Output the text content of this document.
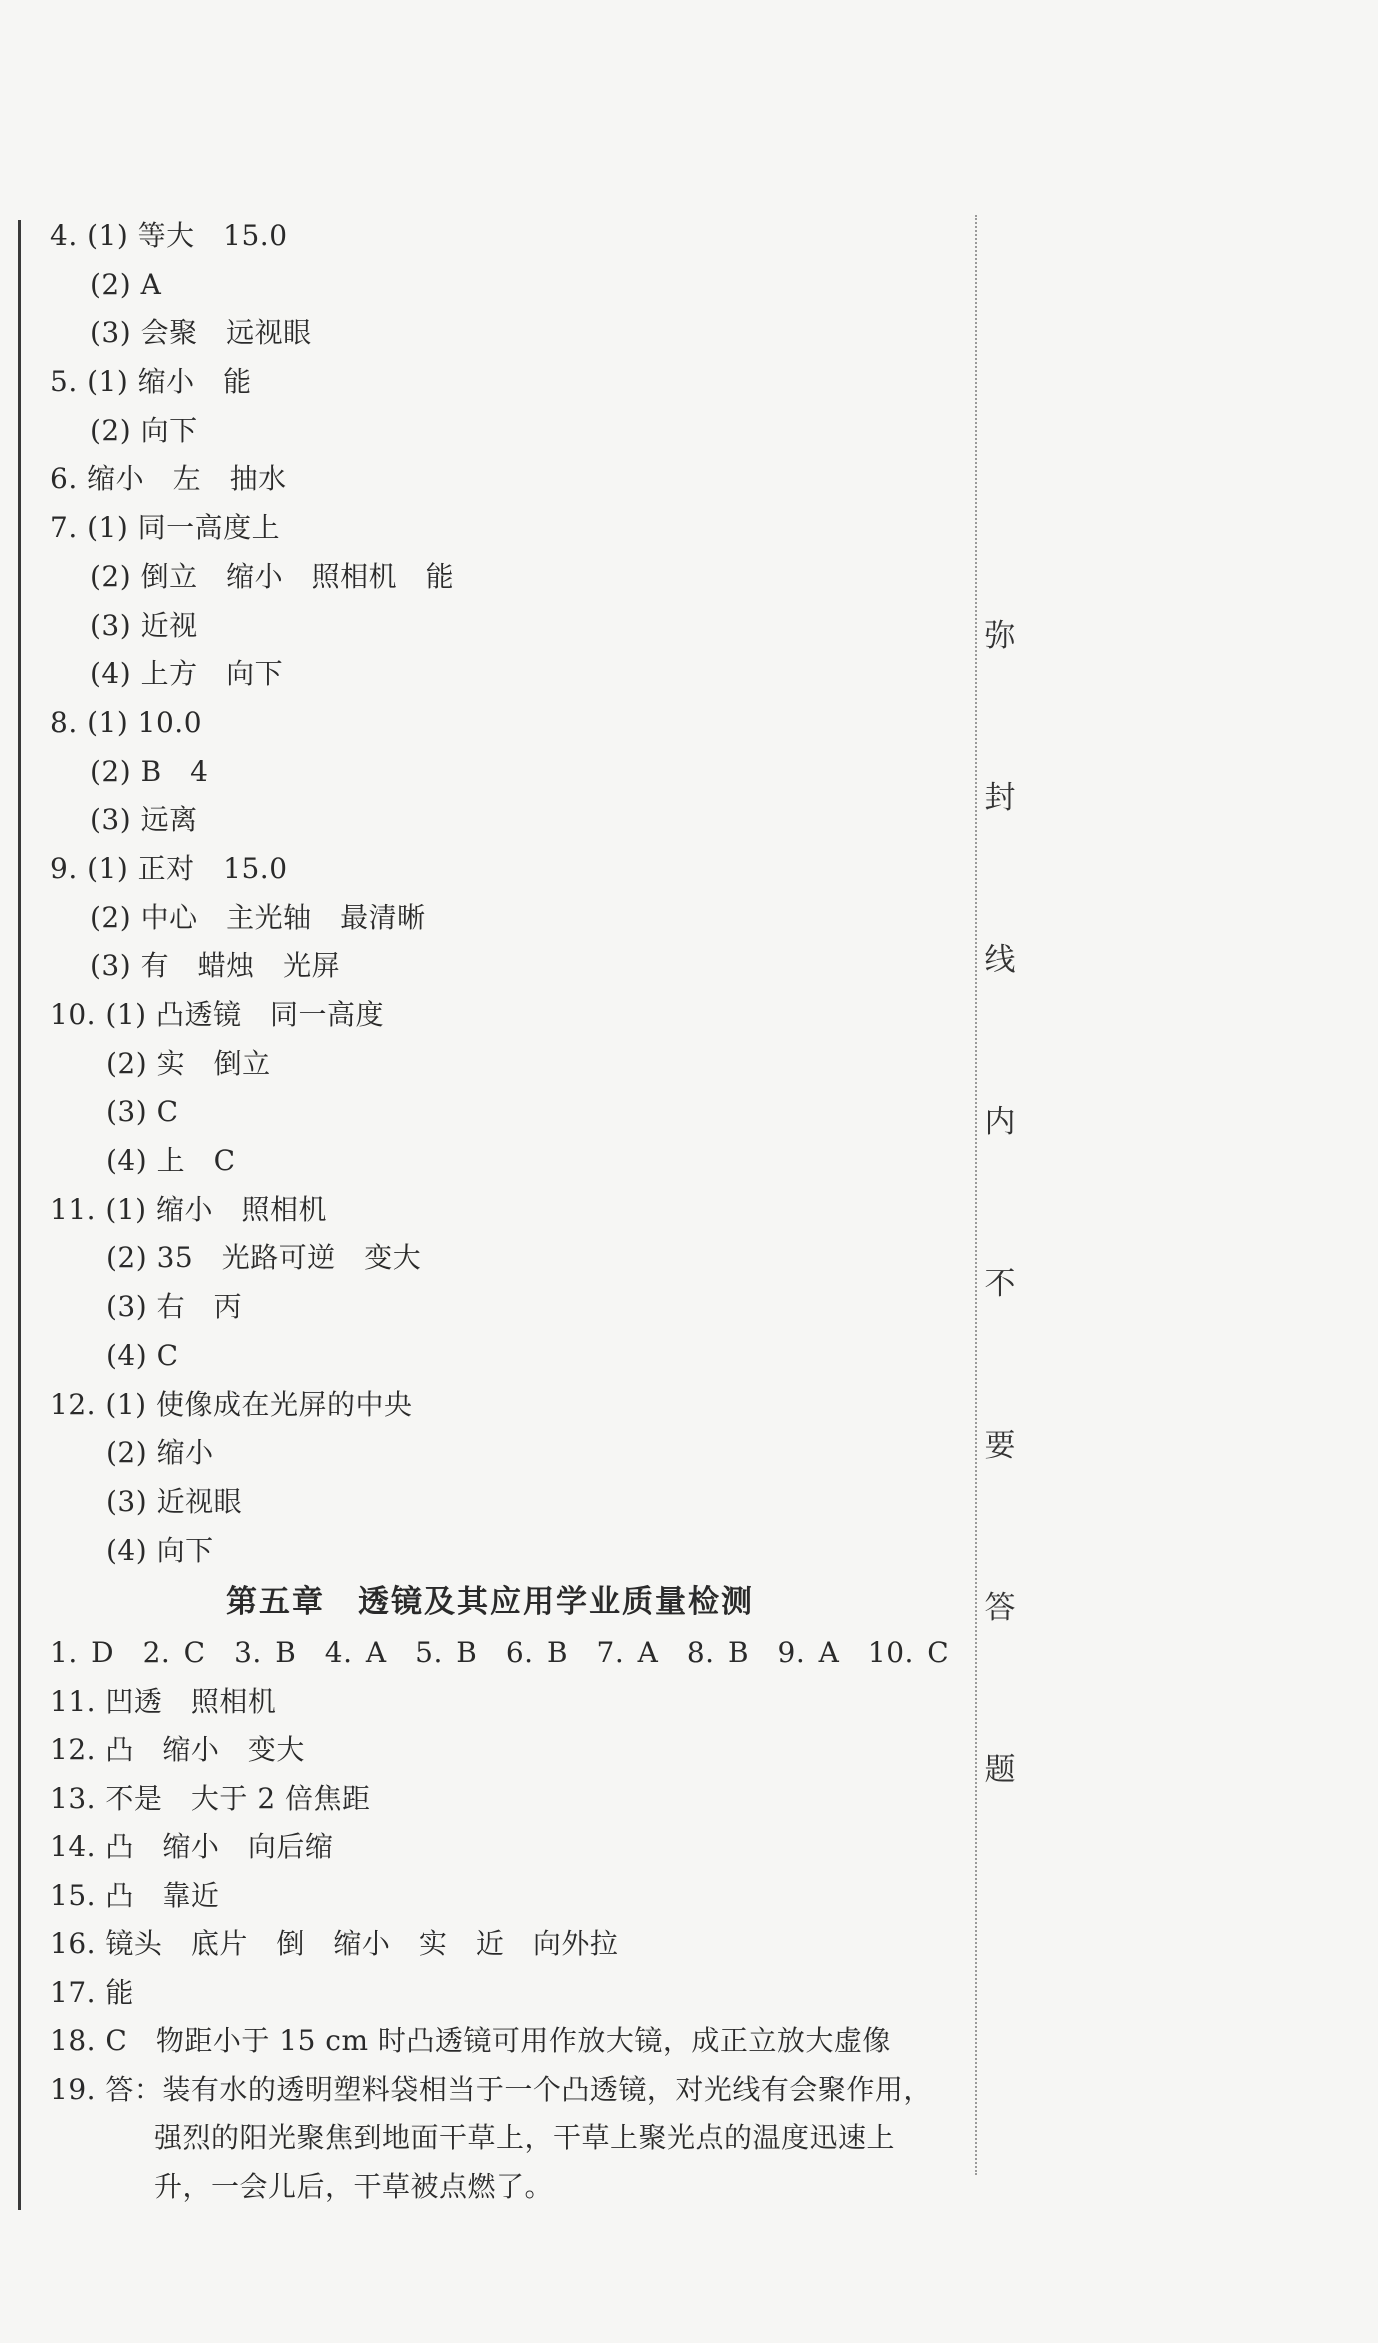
4. (1) 等大　15.0
(2) A
(3) 会聚　远视眼
5. (1) 缩小　能
(2) 向下
6. 缩小　左　抽水
7. (1) 同一高度上
(2) 倒立　缩小　照相机　能
(3) 近视
(4) 上方　向下
8. (1) 10.0
(2) B　4
(3) 远离
9. (1) 正对　15.0
(2) 中心　主光轴　最清晰
(3) 有　蜡烛　光屏
10. (1) 凸透镜　同一高度
(2) 实　倒立
(3) C
(4) 上　C
11. (1) 缩小　照相机
(2) 35　光路可逆　变大
(3) 右　丙
(4) C
12. (1) 使像成在光屏的中央
(2) 缩小
(3) 近视眼
(4) 向下
第五章　透镜及其应用学业质量检测
1. D　2. C　3. B　4. A　5. B　6. B　7. A　8. B　9. A　10. C
11. 凹透　照相机
12. 凸　缩小　变大
13. 不是　大于 2 倍焦距
14. 凸　缩小　向后缩
15. 凸　靠近
16. 镜头　底片　倒　缩小　实　近　向外拉
17. 能
18. C　物距小于 15 cm 时凸透镜可用作放大镜，成正立放大虚像
19. 答：装有水的透明塑料袋相当于一个凸透镜，对光线有会聚作用，
强烈的阳光聚焦到地面干草上，干草上聚光点的温度迅速上
升，一会儿后，干草被点燃了。
弥
封
线
内
不
要
答
题
